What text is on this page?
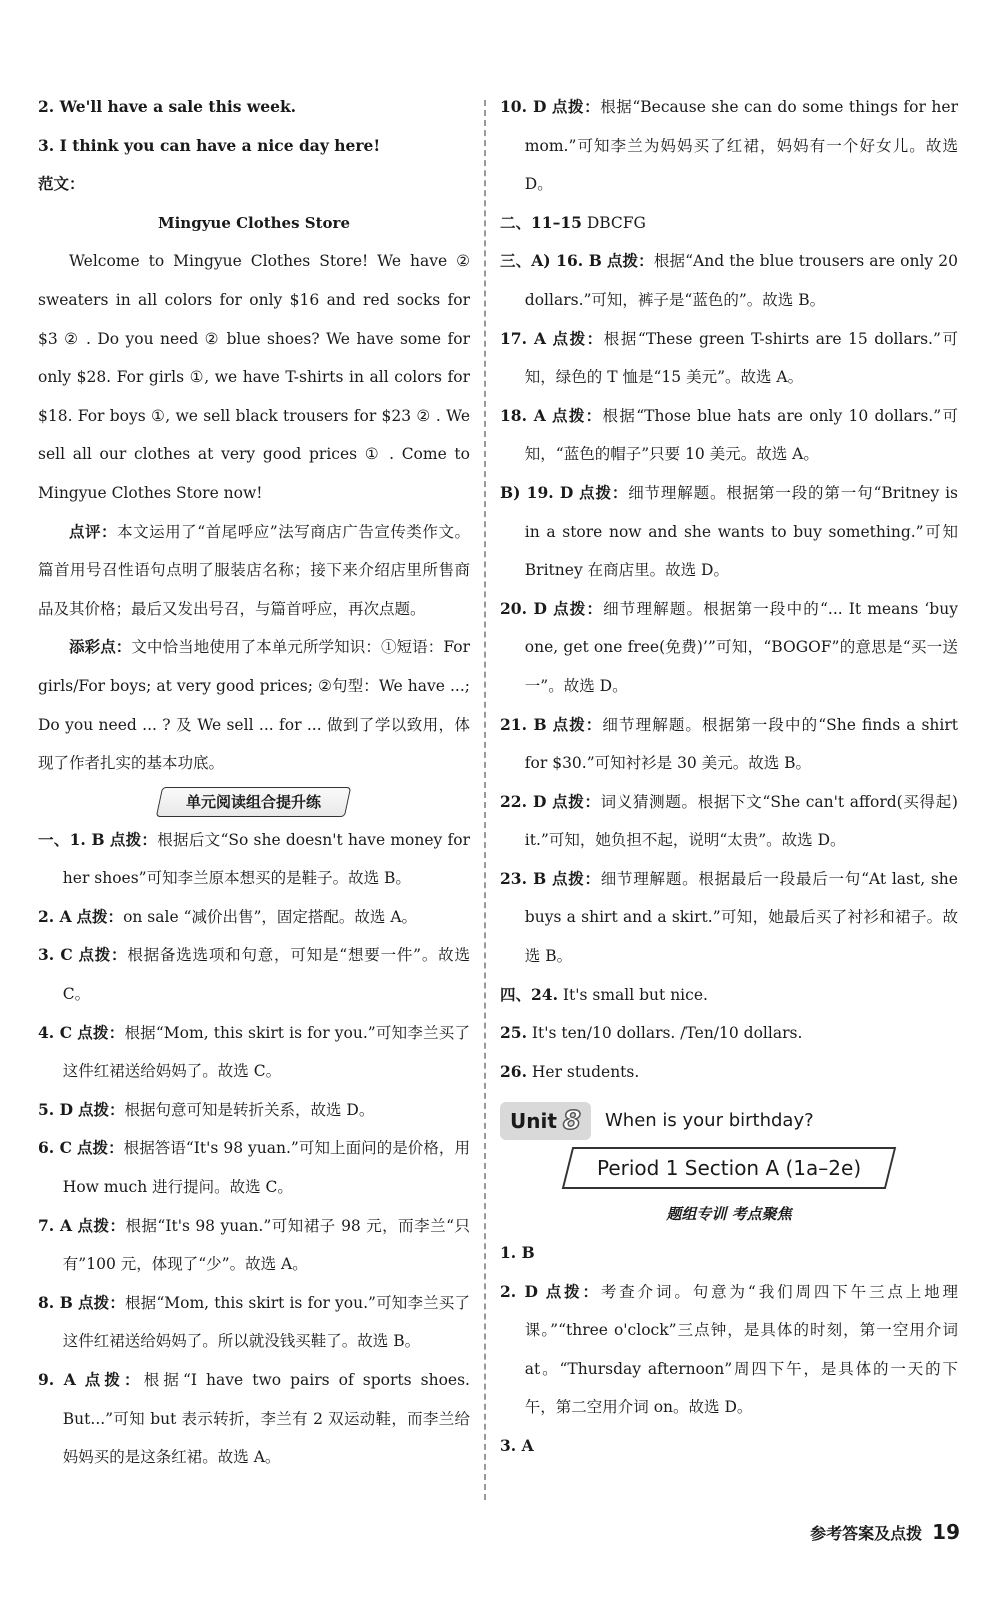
2. We'll have a sale this week.

3. I think you can have a nice day here!

范文：

Mingyue Clothes Store

Welcome to Mingyue Clothes Store! We have ② sweaters in all colors for only $16 and red socks for $3 ② . Do you need ② blue shoes? We have some for only $28. For girls ①, we have T-shirts in all colors for $18. For boys ①, we sell black trousers for $23 ② . We sell all our clothes at very good prices ① . Come to Mingyue Clothes Store now!

点评：本文运用了“首尾呼应”法写商店广告宣传类作文。篇首用号召性语句点明了服装店名称；接下来介绍店里所售商品及其价格；最后又发出号召，与篇首呼应，再次点题。

添彩点：文中恰当地使用了本单元所学知识：①短语：For girls/For boys; at very good prices; ②句型：We have ...; Do you need ... ? 及 We sell ... for ... 做到了学以致用，体现了作者扎实的基本功底。

单元阅读组合提升练

一、1. B 点拨：根据后文“So she doesn't have money for her shoes”可知李兰原本想买的是鞋子。故选 B。

2. A 点拨：on sale “减价出售”，固定搭配。故选 A。

3. C 点拨：根据备选选项和句意，可知是“想要一件”。故选 C。

4. C 点拨：根据“Mom, this skirt is for you.”可知李兰买了这件红裙送给妈妈了。故选 C。

5. D 点拨：根据句意可知是转折关系，故选 D。

6. C 点拨：根据答语“It's 98 yuan.”可知上面问的是价格，用 How much 进行提问。故选 C。

7. A 点拨：根据“It's 98 yuan.”可知裙子 98 元，而李兰“只有”100 元，体现了“少”。故选 A。

8. B 点拨：根据“Mom, this skirt is for you.”可知李兰买了这件红裙送给妈妈了。所以就没钱买鞋了。故选 B。

9. A 点拨：根据“I have two pairs of sports shoes. But...”可知 but 表示转折，李兰有 2 双运动鞋，而李兰给妈妈买的是这条红裙。故选 A。

10. D 点拨：根据“Because she can do some things for her mom.”可知李兰为妈妈买了红裙，妈妈有一个好女儿。故选 D。

二、11–15 DBCFG

三、A) 16. B 点拨：根据“And the blue trousers are only 20 dollars.”可知，裤子是“蓝色的”。故选 B。

17. A 点拨：根据“These green T-shirts are 15 dollars.”可知，绿色的 T 恤是“15 美元”。故选 A。

18. A 点拨：根据“Those blue hats are only 10 dollars.”可知，“蓝色的帽子”只要 10 美元。故选 A。

B) 19. D 点拨：细节理解题。根据第一段的第一句“Britney is in a store now and she wants to buy something.”可知 Britney 在商店里。故选 D。

20. D 点拨：细节理解题。根据第一段中的“... It means ‘buy one, get one free(免费)’”可知，“BOGOF”的意思是“买一送一”。故选 D。

21. B 点拨：细节理解题。根据第一段中的“She finds a shirt for $30.”可知衬衫是 30 美元。故选 B。

22. D 点拨：词义猜测题。根据下文“She can't afford(买得起) it.”可知，她负担不起，说明“太贵”。故选 D。

23. B 点拨：细节理解题。根据最后一段最后一句“At last, she buys a shirt and a skirt.”可知，她最后买了衬衫和裙子。故选 B。

四、24. It's small but nice.

25. It's ten/10 dollars. /Ten/10 dollars.

26. Her students.

Unit 8 When is your birthday?
Period 1 Section A (1a–2e)

题组专训 考点聚焦

1. B

2. D 点拨：考查介词。句意为“我们周四下午三点上地理课。”“three o'clock”三点钟，是具体的时刻，第一空用介词 at。“Thursday afternoon”周四下午，是具体的一天的下午，第二空用介词 on。故选 D。

3. A

参考答案及点拨 19
